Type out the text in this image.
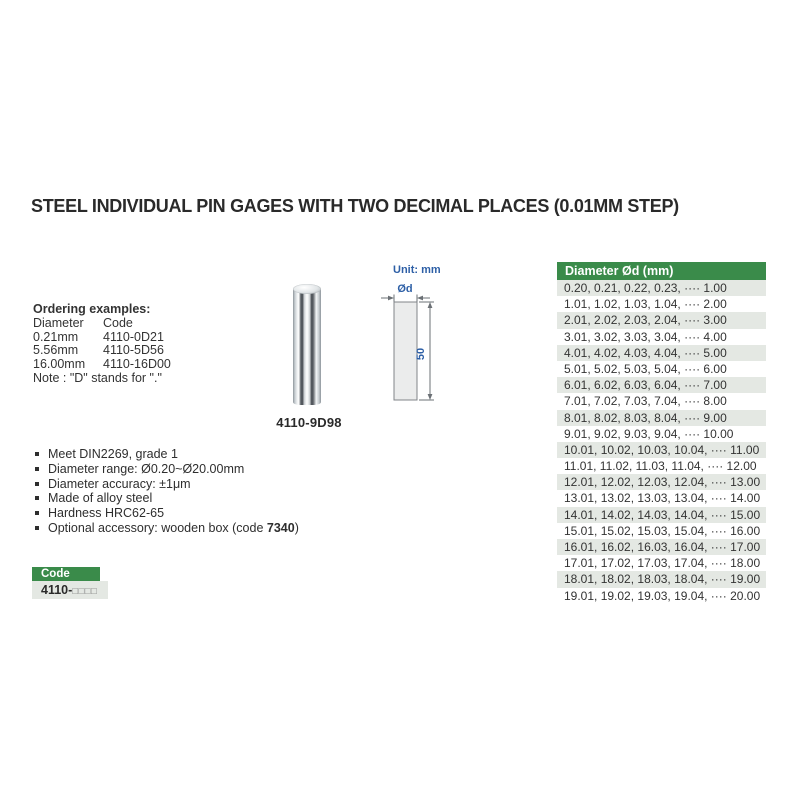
STEEL INDIVIDUAL PIN GAGES WITH TWO DECIMAL PLACES (0.01MM STEP)
Ordering examples:
Diameter	Code
0.21mm	4110-0D21
5.56mm	4110-5D56
16.00mm	4110-16D00
Note : "D" stands for "."
4110-9D98
Unit: mm
Ød
50
Meet DIN2269, grade 1
Diameter range: Ø0.20~Ø20.00mm
Diameter accuracy: ±1μm
Made of alloy steel
Hardness HRC62-65
Optional accessory: wooden box (code 7340)
Code
4110-□□□□
Diameter Ød (mm)
0.20, 0.21, 0.22, 0.23, ···· 1.00
1.01, 1.02, 1.03, 1.04, ···· 2.00
2.01, 2.02, 2.03, 2.04, ···· 3.00
3.01, 3.02, 3.03, 3.04, ···· 4.00
4.01, 4.02, 4.03, 4.04, ···· 5.00
5.01, 5.02, 5.03, 5.04, ···· 6.00
6.01, 6.02, 6.03, 6.04, ···· 7.00
7.01, 7.02, 7.03, 7.04, ···· 8.00
8.01, 8.02, 8.03, 8.04, ···· 9.00
9.01, 9.02, 9.03, 9.04, ···· 10.00
10.01, 10.02, 10.03, 10.04, ···· 11.00
11.01, 11.02, 11.03, 11.04, ···· 12.00
12.01, 12.02, 12.03, 12.04, ···· 13.00
13.01, 13.02, 13.03, 13.04, ···· 14.00
14.01, 14.02, 14.03, 14.04, ···· 15.00
15.01, 15.02, 15.03, 15.04, ···· 16.00
16.01, 16.02, 16.03, 16.04, ···· 17.00
17.01, 17.02, 17.03, 17.04, ···· 18.00
18.01, 18.02, 18.03, 18.04, ···· 19.00
19.01, 19.02, 19.03, 19.04, ···· 20.00
